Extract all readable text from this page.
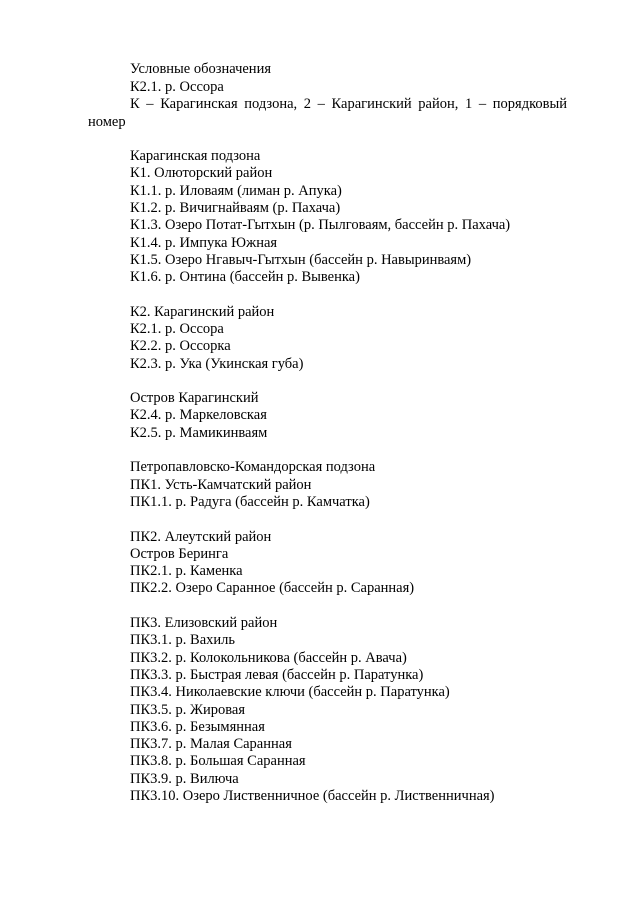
Условные обозначения
К2.1. р. Оссора
К – Карагинская подзона, 2 – Карагинский район, 1 – порядковый
номер
Карагинская подзона
К1. Олюторский район
К1.1. р. Иловаям (лиман р. Апука)
К1.2. р. Вичигнайваям (р. Пахача)
К1.3. Озеро Потат-Гытхын (р. Пылговаям, бассейн р. Пахача)
К1.4. р. Импука Южная
К1.5. Озеро Нгавыч-Гытхын (бассейн р. Навыринваям)
К1.6. р. Онтина (бассейн р. Вывенка)
К2. Карагинский район
К2.1. р. Оссора
К2.2. р. Оссорка
К2.3. р. Ука (Укинская губа)
Остров Карагинский
К2.4. р. Маркеловская
К2.5. р. Мамикинваям
Петропавловско-Командорская подзона
ПК1. Усть-Камчатский район
ПК1.1. р. Радуга (бассейн р. Камчатка)
ПК2. Алеутский район
Остров Беринга
ПК2.1. р. Каменка
ПК2.2. Озеро Саранное (бассейн р. Саранная)
ПК3. Елизовский район
ПК3.1. р. Вахиль
ПК3.2. р. Колокольникова (бассейн р. Авача)
ПК3.3. р. Быстрая левая (бассейн р. Паратунка)
ПК3.4. Николаевские ключи (бассейн р. Паратунка)
ПК3.5. р. Жировая
ПК3.6. р. Безымянная
ПК3.7. р. Малая Саранная
ПК3.8. р. Большая Саранная
ПК3.9. р. Вилюча
ПК3.10. Озеро Лиственничное (бассейн р. Лиственничная)
